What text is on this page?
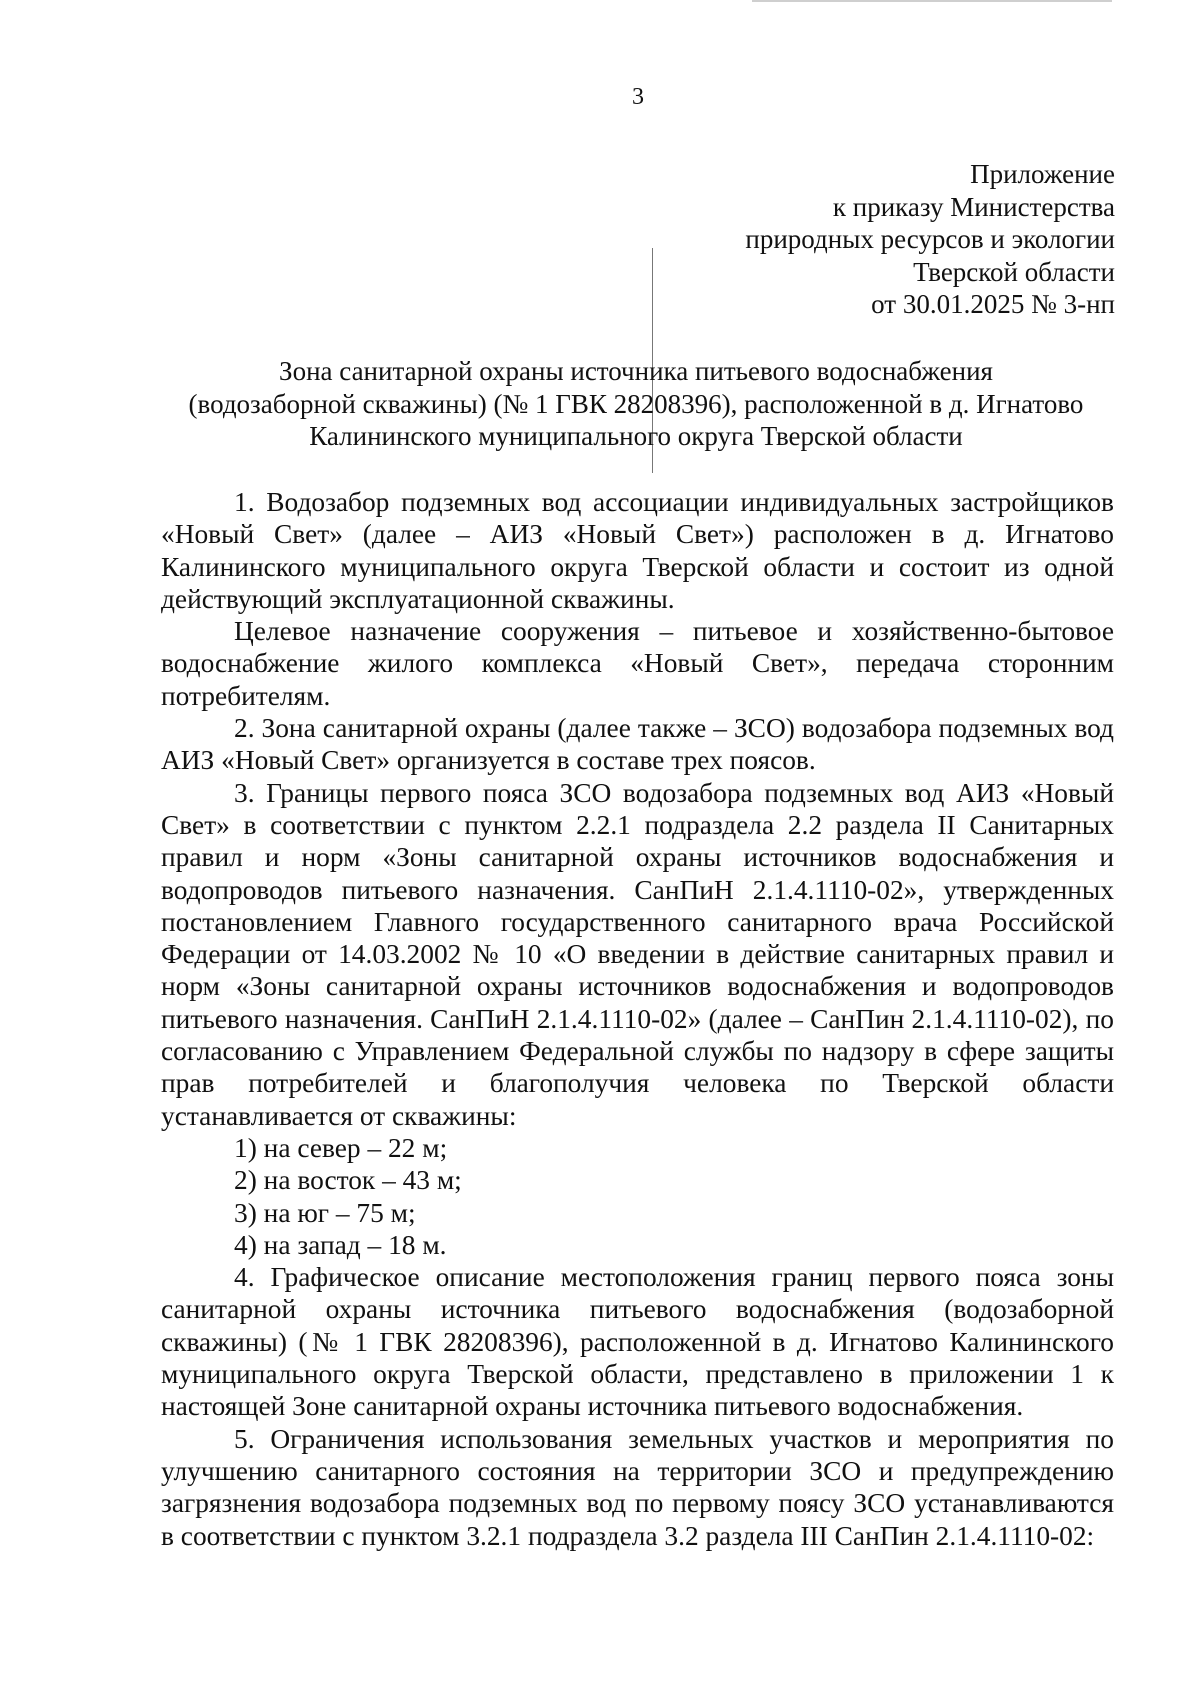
3
Приложение
к приказу Министерства
природных ресурсов и экологии
Тверской области
от 30.01.2025 № 3-нп
Зона санитарной охраны источника питьевого водоснабжения
(водозаборной скважины) (№ 1 ГВК 28208396), расположенной в д. Игнатово
Калининского муниципального округа Тверской области

1. Водозабор подземных вод ассоциации индивидуальных застройщиков «Новый Свет» (далее – АИЗ «Новый Свет») расположен в д. Игнатово Калининского муниципального округа Тверской области и состоит из одной действующий эксплуатационной скважины.

Целевое назначение сооружения – питьевое и хозяйственно-бытовое водоснабжение жилого комплекса «Новый Свет», передача сторонним потребителям.

2. Зона санитарной охраны (далее также – ЗСО) водозабора подземных вод АИЗ «Новый Свет» организуется в составе трех поясов.

3. Границы первого пояса ЗСО водозабора подземных вод АИЗ «Новый Свет» в соответствии с пунктом 2.2.1 подраздела 2.2 раздела II Санитарных правил и норм «Зоны санитарной охраны источников водоснабжения и водопроводов питьевого назначения. СанПиН 2.1.4.1110-02», утвержденных постановлением Главного государственного санитарного врача Российской Федерации от 14.03.2002 № 10 «О введении в действие санитарных правил и норм «Зоны санитарной охраны источников водоснабжения и водопроводов питьевого назначения. СанПиН 2.1.4.1110-02» (далее – СанПин 2.1.4.1110-02), по согласованию с Управлением Федеральной службы по надзору в сфере защиты прав потребителей и благополучия человека по Тверской области устанавливается от скважины:

1) на север – 22 м;

2) на восток – 43 м;

3) на юг – 75 м;

4) на запад – 18 м.

4. Графическое описание местоположения границ первого пояса зоны санитарной охраны источника питьевого водоснабжения (водозаборной скважины) (№ 1 ГВК 28208396), расположенной в д. Игнатово Калининского муниципального округа Тверской области, представлено в приложении 1 к настоящей Зоне санитарной охраны источника питьевого водоснабжения.

5. Ограничения использования земельных участков и мероприятия по улучшению санитарного состояния на территории ЗСО и предупреждению загрязнения водозабора подземных вод по первому поясу ЗСО устанавливаются в соответствии с пунктом 3.2.1 подраздела 3.2 раздела III СанПин 2.1.4.1110-02:
